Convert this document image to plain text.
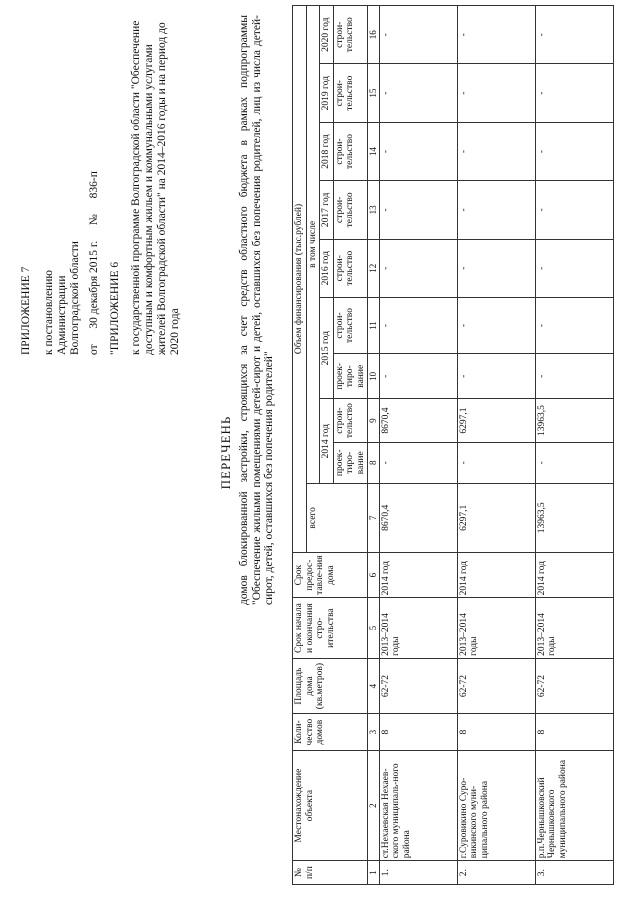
ПРИЛОЖЕНИЕ 7 к постановлению Администрации Волгоградской области от  30 декабря 2015 г.  №  836-п
"ПРИЛОЖЕНИЕ 6 к государственной программе Волгоградской области "Обеспечение доступным и комфортным жильем и коммунальными услугами жителей Волгоградской области" на 2014–2016 годы и на период до 2020 года
ПЕРЕЧЕНЬ домов блокированной застройки, строящихся за счет средств областного бюджета в рамках подпрограммы "Обеспечение жилыми помещениями детей-сирот и детей, оставшихся без попечения родителей, лиц из числа детей-сирот, детей, оставшихся без попечения родителей"
№ п/п	Местонахождение объекта	Коли-чество домов	Площадь дома (кв.метров)	Срок начала и окончания стро-ительства	Срок предос-тавле-ния дома	Объем финансирования (тыс.рублей)									
						всего	в том числе								
							2014 год		2015 год		2016 год	2017 год	2018 год	2019 год	2020 год
							проек-тиро-вание	строи-тельство	проек-тиро-вание	строи-тельство	строи-тельство	строи-тельство	строи-тельство	строи-тельство	строи-тельство
1	2	3	4	5	6	7	8	9	10	11	12	13	14	15	16
1.	ст.Нехаевская Нехаев-ского муниципаль-ного района	8	62-72	2013–2014 годы	2014 год	8670,4	-	8670,4	-	-	-	-	-	-	-
2.	г.Суровикино Суро-викинского муни-ципального района	8	62-72	2013–2014 годы	2014 год	6297,1	-	6297,1	-	-	-	-	-	-	-
3.	р.п.Чернышковский Чернышковского муниципального района	8	62-72	2013–2014 годы	2014 год	13963,5	-	13963,5	-	-	-	-	-	-	-
